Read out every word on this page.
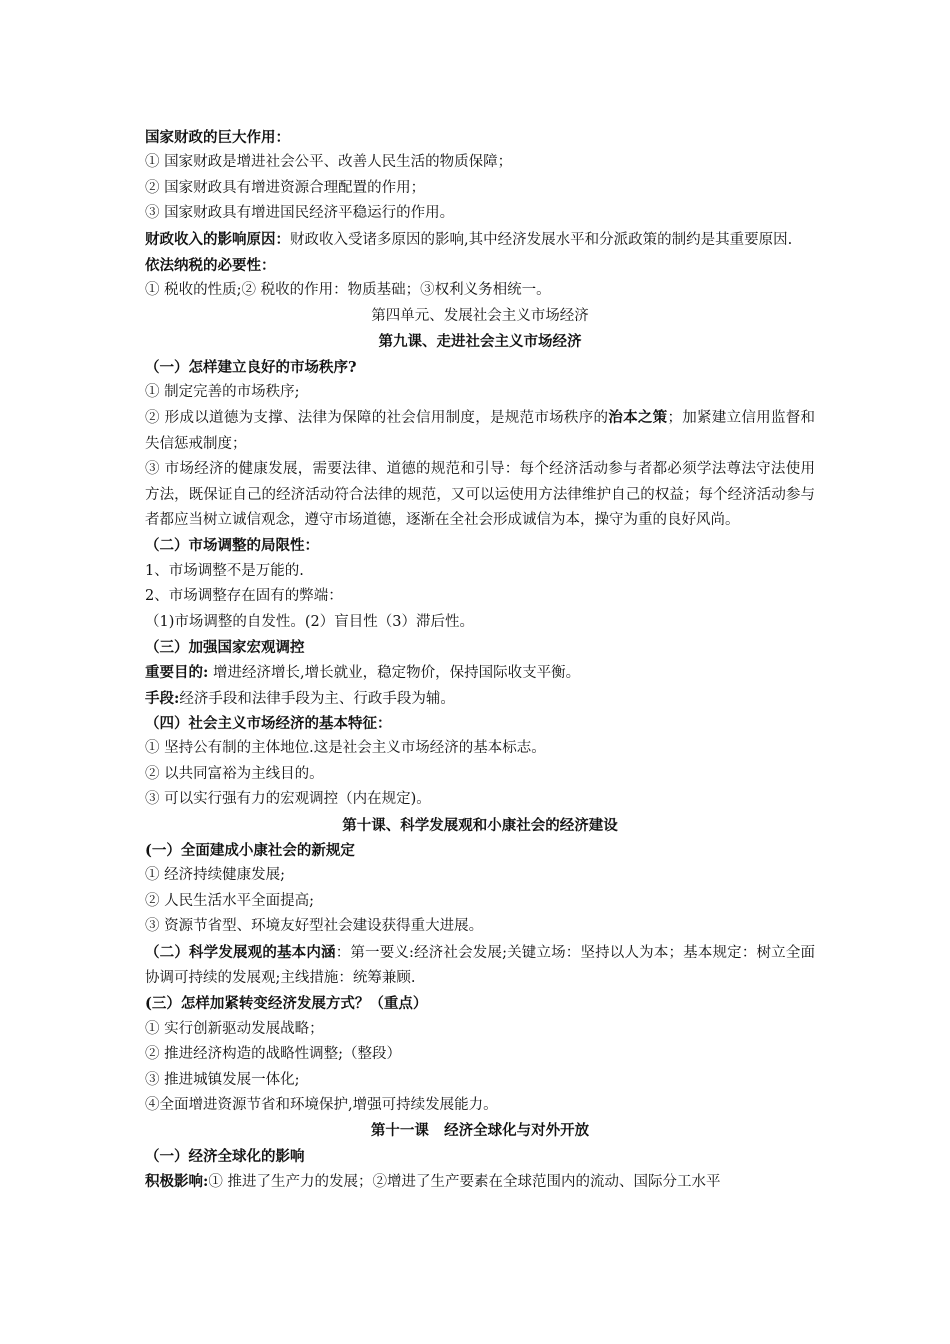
国家财政的巨大作用：
① 国家财政是增进社会公平、改善人民生活的物质保障；
② 国家财政具有增进资源合理配置的作用；
③ 国家财政具有增进国民经济平稳运行的作用。
财政收入的影响原因：财政收入受诸多原因的影响,其中经济发展水平和分派政策的制约是其重要原因.
依法纳税的必要性：
① 税收的性质;② 税收的作用：物质基础；③权利义务相统一。
第四单元、发展社会主义市场经济
第九课、走进社会主义市场经济
（一）怎样建立良好的市场秩序?
① 制定完善的市场秩序;
② 形成以道德为支撑、法律为保障的社会信用制度，是规范市场秩序的治本之策；加紧建立信用监督和失信惩戒制度；
③ 市场经济的健康发展，需要法律、道德的规范和引导：每个经济活动参与者都必须学法尊法守法使用方法，既保证自己的经济活动符合法律的规范，又可以运使用方法律维护自己的权益；每个经济活动参与者都应当树立诚信观念，遵守市场道德，逐渐在全社会形成诚信为本，操守为重的良好风尚。
（二）市场调整的局限性：
1、市场调整不是万能的.
2、市场调整存在固有的弊端：
（1)市场调整的自发性。(2）盲目性（3）滞后性。
（三）加强国家宏观调控
重要目的: 增进经济增长,增长就业，稳定物价，保持国际收支平衡。
手段:经济手段和法律手段为主、行政手段为辅。
（四）社会主义市场经济的基本特征：
① 坚持公有制的主体地位.这是社会主义市场经济的基本标志。
② 以共同富裕为主线目的。
③ 可以实行强有力的宏观调控（内在规定)。
第十课、科学发展观和小康社会的经济建设
(一）全面建成小康社会的新规定
① 经济持续健康发展;
② 人民生活水平全面提高;
③ 资源节省型、环境友好型社会建设获得重大进展。
（二）科学发展观的基本内涵：第一要义:经济社会发展;关键立场：坚持以人为本；基本规定：树立全面协调可持续的发展观;主线措施：统筹兼顾.
(三）怎样加紧转变经济发展方式？（重点）
① 实行创新驱动发展战略；
② 推进经济构造的战略性调整;（整段）
③ 推进城镇发展一体化;
④全面增进资源节省和环境保护,增强可持续发展能力。
第十一课   经济全球化与对外开放
（一）经济全球化的影响
积极影响:① 推进了生产力的发展；②增进了生产要素在全球范围内的流动、国际分工水平
